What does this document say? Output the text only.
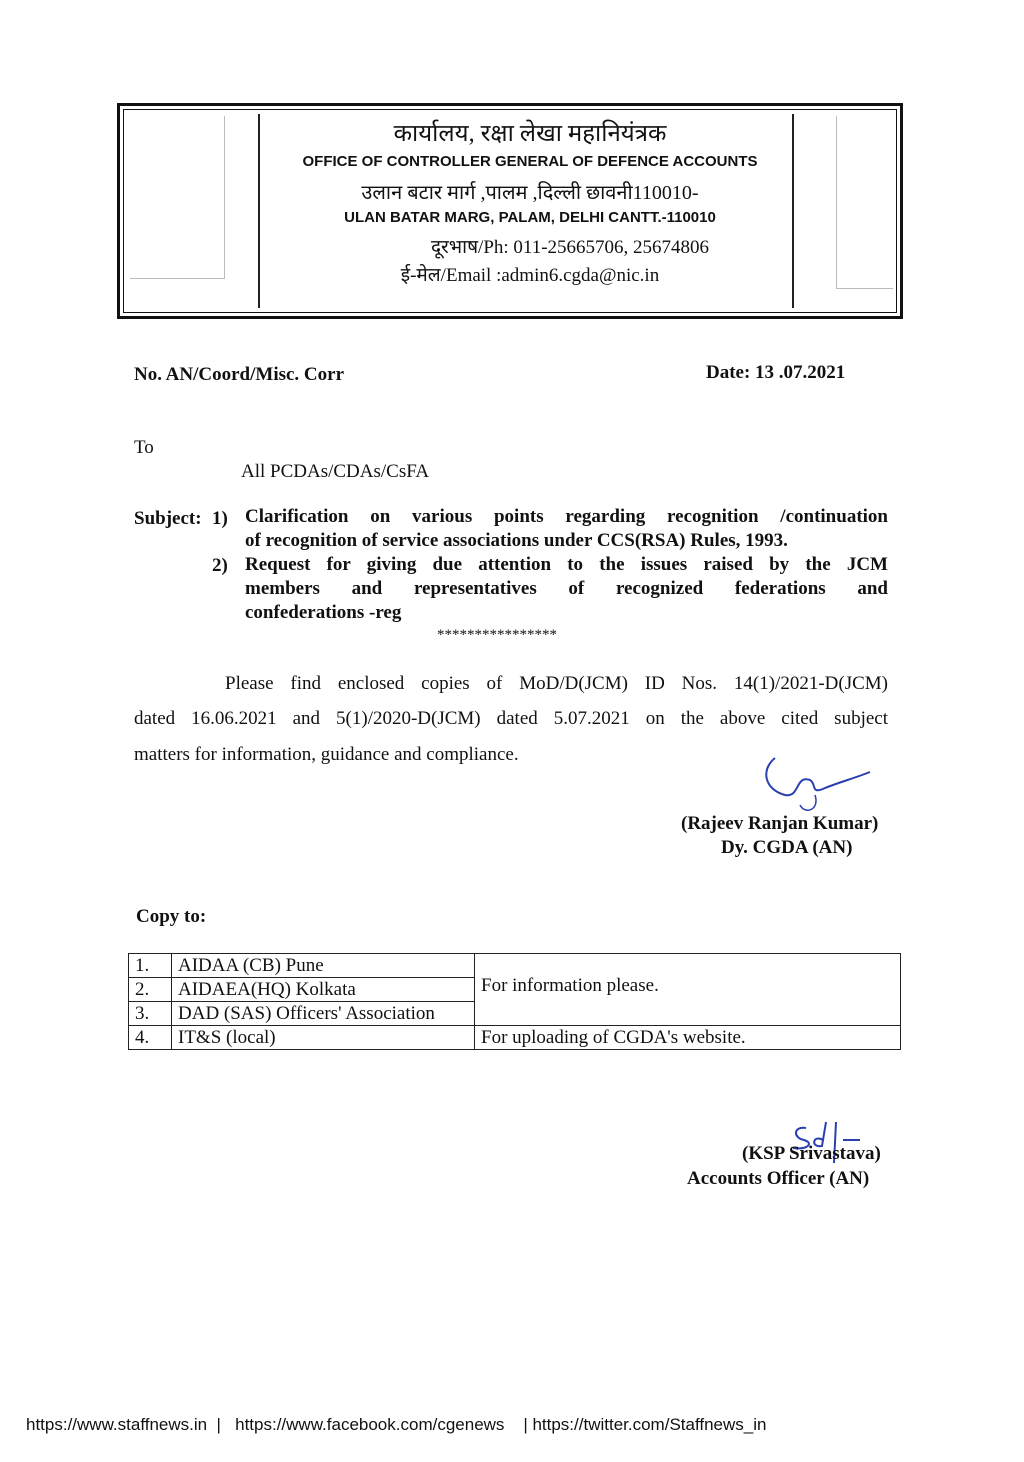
कार्यालय, रक्षा लेखा महानियंत्रक
OFFICE OF CONTROLLER GENERAL OF DEFENCE ACCOUNTS
उलान बटार मार्ग ,पालम ,दिल्ली छावनी110010-
ULAN BATAR MARG, PALAM, DELHI CANTT.-110010
दूरभाष/Ph: 011-25665706, 25674806
ई-मेल/Email :admin6.cgda@nic.in
No. AN/Coord/Misc. Corr	Date: 13 .07.2021
To
All PCDAs/CDAs/CsFA
Subject: 1) Clarification on various points regarding recognition /continuation
of recognition of service associations under CCS(RSA) Rules, 1993.
2) Request for giving due attention to the issues raised by the JCM
members and representatives of recognized federations and
confederations -reg
****************
Please find enclosed copies of MoD/D(JCM) ID Nos. 14(1)/2021-D(JCM)
dated 16.06.2021 and 5(1)/2020-D(JCM) dated 5.07.2021 on the above cited subject
matters for information, guidance and compliance.
(Rajeev Ranjan Kumar)
Dy. CGDA (AN)
Copy to:
1.	AIDAA (CB) Pune	For information please.
2.	AIDAEA(HQ) Kolkata	
3.	DAD (SAS) Officers' Association	
4.	IT&S (local)	For uploading of CGDA's website.
(KSP Srivastava)
Accounts Officer (AN)
https://www.staffnews.in  |   https://www.facebook.com/cgenews    | https://twitter.com/Staffnews_in
